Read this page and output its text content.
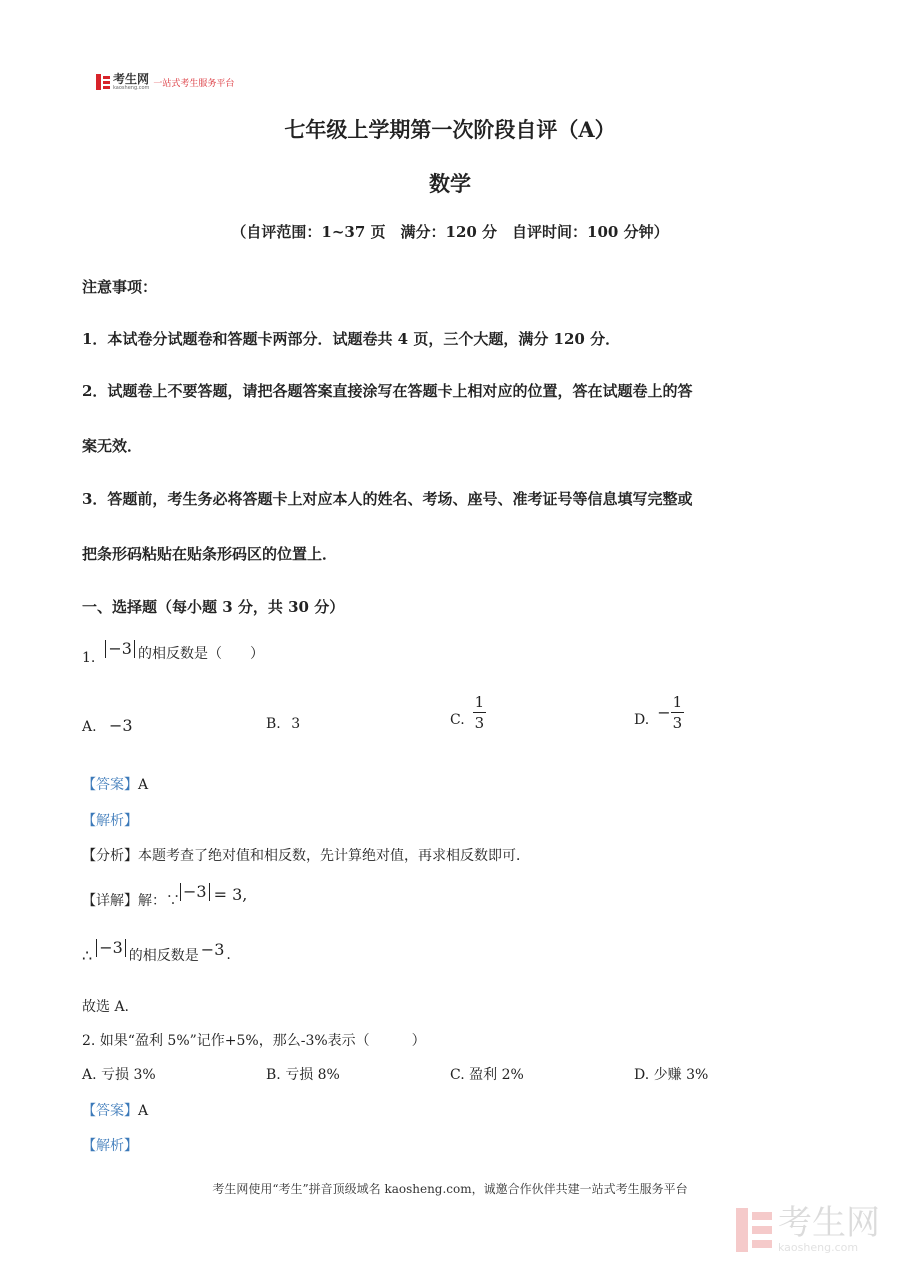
考生网
kaosheng.com 一站式考生服务平台
七年级上学期第一次阶段自评（A）
数学
（自评范围：1~37 页　满分：120 分　自评时间：100 分钟）
注意事项：
1．本试卷分试题卷和答题卡两部分．试题卷共 4 页，三个大题，满分 120 分．
2．试题卷上不要答题，请把各题答案直接涂写在答题卡上相对应的位置，答在试题卷上的答
案无效．
3．答题前，考生务必将答题卡上对应本人的姓名、考场、座号、准考证号等信息填写完整或
把条形码粘贴在贴条形码区的位置上．
一、选择题（每小题 3 分，共 30 分）
1. −3 的相反数是（　　）
A. −3	B. 3	C. $\frac{1}{3}$	D. − $\frac{1}{3}$
【答案】A
【解析】
【分析】本题考查了绝对值和相反数，先计算绝对值，再求相反数即可．
【详解】 解：∵ −3 = 3,
∴ −3 的相反数是 −3 .
故选 A.
2. 如果“盈利 5%”记作+5%，那么-3%表示（　　　）
A. 亏损 3%	B. 亏损 8%	C. 盈利 2%	D. 少赚 3%
【答案】A
【解析】
考生网使用“考生”拼音顶级域名 kaosheng.com，诚邀合作伙伴共建一站式考生服务平台
考生网
kaosheng.com
